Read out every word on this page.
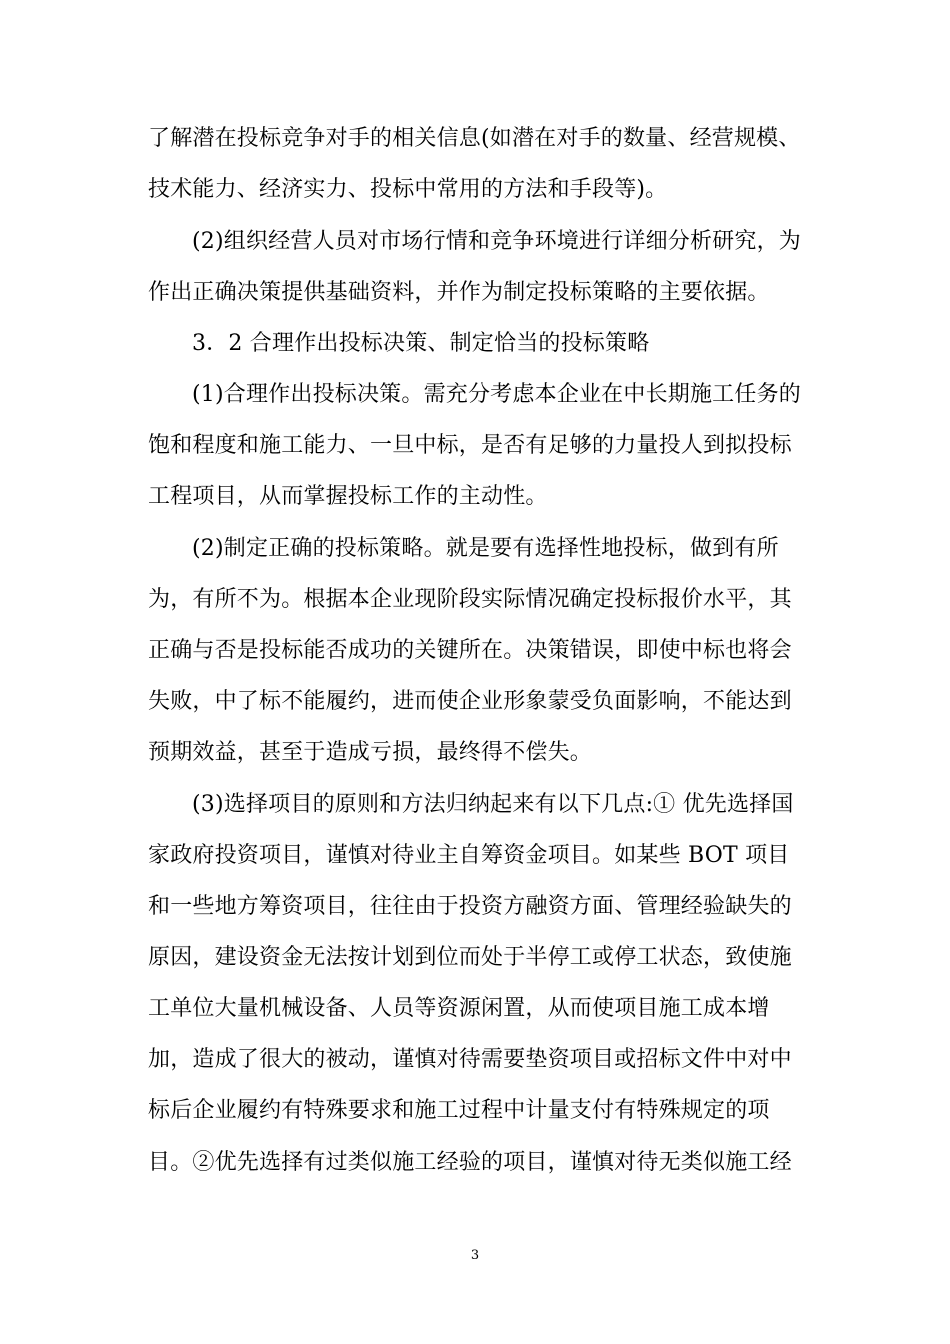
了解潜在投标竞争对手的相关信息(如潜在对手的数量、经营规模、
技术能力、经济实力、投标中常用的方法和手段等)。
(2)组织经营人员对市场行情和竞争环境进行详细分析研究，为
作出正确决策提供基础资料，并作为制定投标策略的主要依据。
3．2 合理作出投标决策、制定恰当的投标策略
(1)合理作出投标决策。需充分考虑本企业在中长期施工任务的
饱和程度和施工能力、一旦中标，是否有足够的力量投人到拟投标
工程项目，从而掌握投标工作的主动性。
(2)制定正确的投标策略。就是要有选择性地投标，做到有所
为，有所不为。根据本企业现阶段实际情况确定投标报价水平，其
正确与否是投标能否成功的关键所在。决策错误，即使中标也将会
失败，中了标不能履约，进而使企业形象蒙受负面影响，不能达到
预期效益，甚至于造成亏损，最终得不偿失。
(3)选择项目的原则和方法归纳起来有以下几点:① 优先选择国
家政府投资项目，谨慎对待业主自筹资金项目。如某些 BOT 项目
和一些地方筹资项目，往往由于投资方融资方面、管理经验缺失的
原因，建设资金无法按计划到位而处于半停工或停工状态，致使施
工单位大量机械设备、人员等资源闲置，从而使项目施工成本增
加，造成了很大的被动，谨慎对待需要垫资项目或招标文件中对中
标后企业履约有特殊要求和施工过程中计量支付有特殊规定的项
目。②优先选择有过类似施工经验的项目，谨慎对待无类似施工经
3
